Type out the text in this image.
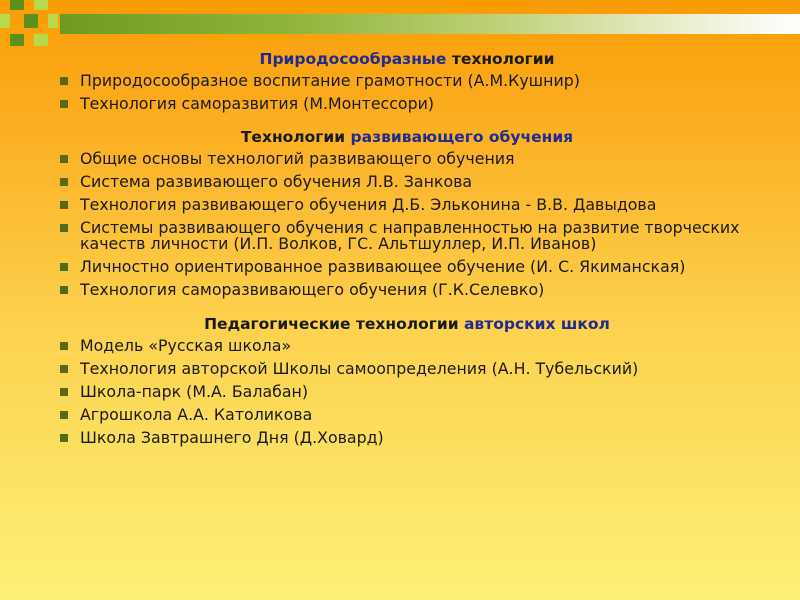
Природосообразные технологии
Природосообразное воспитание грамотности (А.М.Кушнир)
Технология саморазвития (М.Монтессори)
Технологии развивающего обучения
Общие основы технологий развивающего обучения
Система развивающего обучения Л.В. Занкова
Технология развивающего обучения Д.Б. Эльконина - В.В. Давыдова
Системы развивающего обучения с направленностью на развитие творческих качеств личности (И.П. Волков, ГС. Альтшуллер, И.П. Иванов)
Личностно ориентированное развивающее обучение (И. С. Якиманская)
Технология саморазвивающего обучения (Г.К.Селевко)
Педагогические технологии авторских школ
Модель «Русская школа»
Технология авторской Школы самоопределения (А.Н. Тубельский)
Школа-парк (М.А. Балабан)
Агрошкола А.А. Католикова
Школа Завтрашнего Дня (Д.Ховард)
